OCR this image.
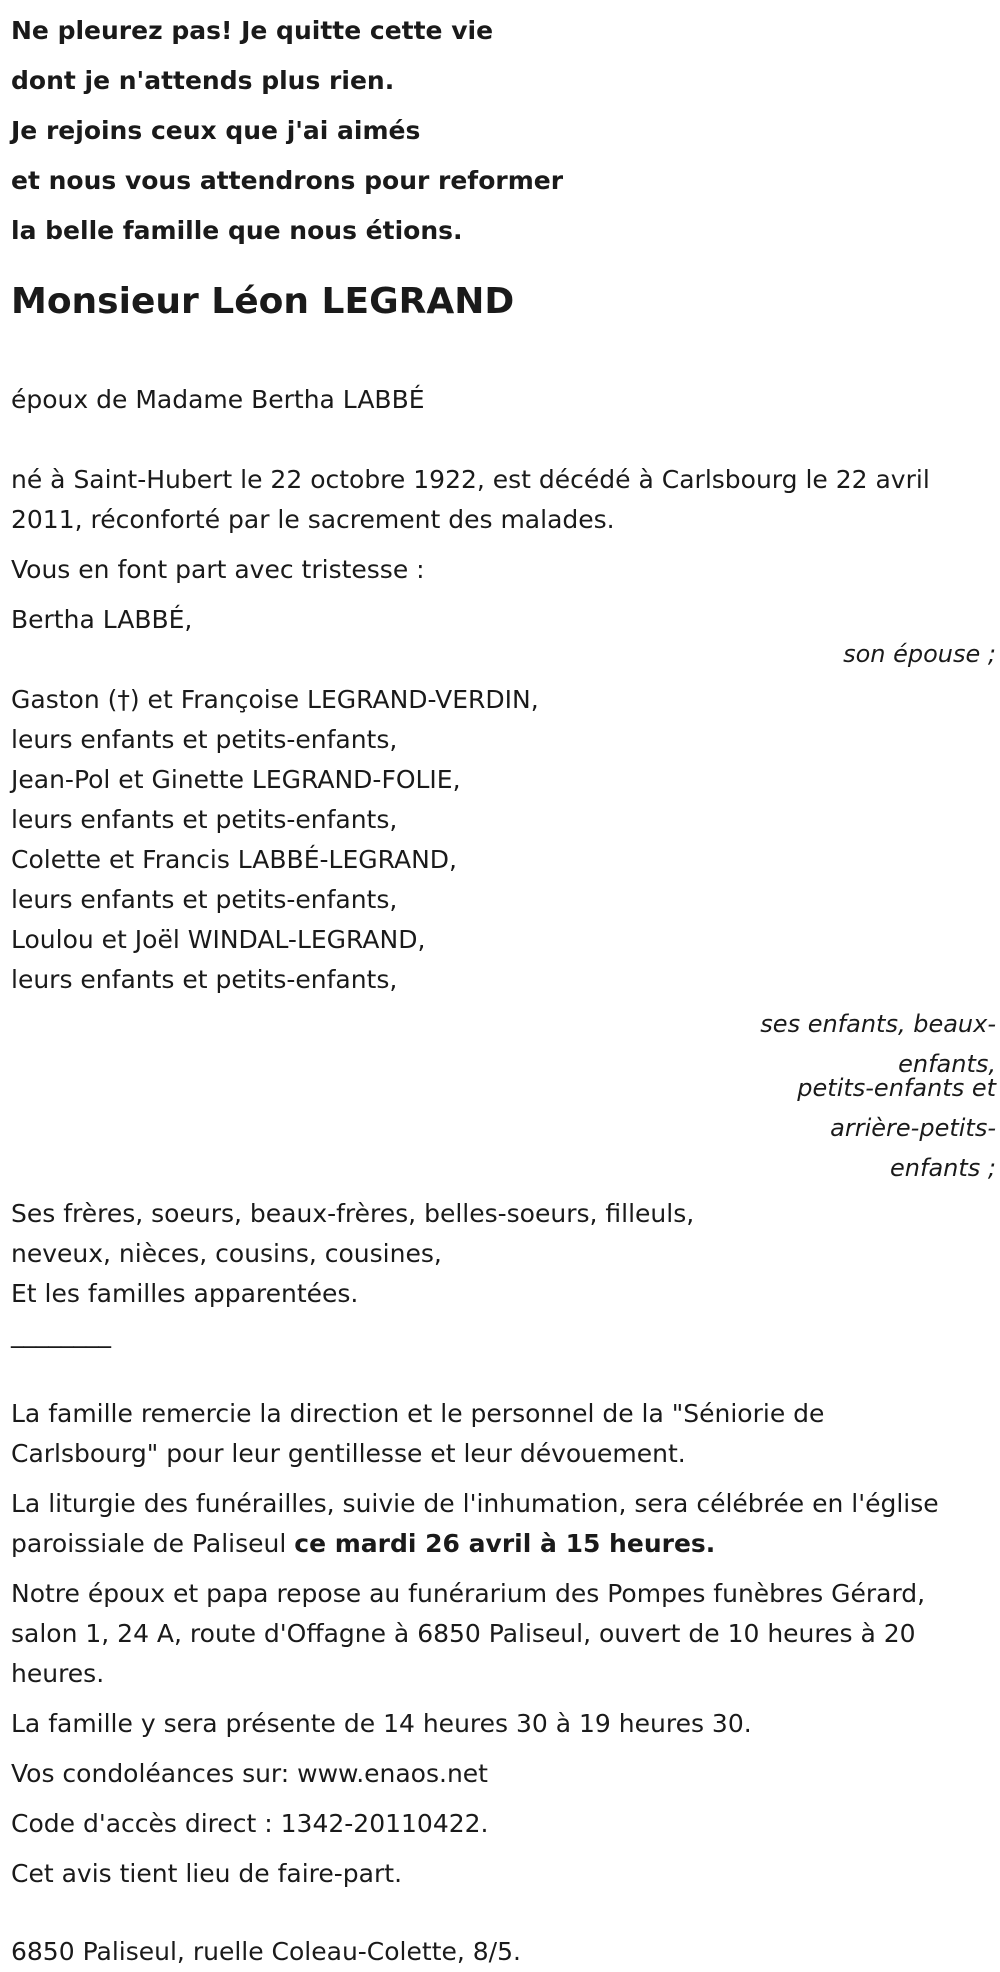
Ne pleurez pas! Je quitte cette vie
dont je n'attends plus rien.
Je rejoins ceux que j'ai aimés
et nous vous attendrons pour reformer
la belle famille que nous étions.
Monsieur Léon LEGRAND
époux de Madame Bertha LABBÉ
né à Saint-Hubert le 22 octobre 1922, est décédé à Carlsbourg le 22 avril
2011, réconforté par le sacrement des malades.
Vous en font part avec tristesse :
Bertha LABBÉ,
son épouse ;
Gaston (†) et Françoise LEGRAND-VERDIN,
leurs enfants et petits-enfants,
Jean-Pol et Ginette LEGRAND-FOLIE,
leurs enfants et petits-enfants,
Colette et Francis LABBÉ-LEGRAND,
leurs enfants et petits-enfants,
Loulou et Joël WINDAL-LEGRAND,
leurs enfants et petits-enfants,
ses enfants, beaux-
enfants,
petits-enfants et
arrière-petits-
enfants ;
Ses frères, soeurs, beaux-frères, belles-soeurs, filleuls,
neveux, nièces, cousins, cousines,
Et les familles apparentées.
________
La famille remercie la direction et le personnel de la "Séniorie de
Carlsbourg" pour leur gentillesse et leur dévouement.
La liturgie des funérailles, suivie de l'inhumation, sera célébrée en l'église
paroissiale de Paliseul ce mardi 26 avril à 15 heures.
Notre époux et papa repose au funérarium des Pompes funèbres Gérard,
salon 1, 24 A, route d'Offagne à 6850 Paliseul, ouvert de 10 heures à 20
heures.
La famille y sera présente de 14 heures 30 à 19 heures 30.
Vos condoléances sur: www.enaos.net
Code d'accès direct : 1342-20110422.
Cet avis tient lieu de faire-part.
6850 Paliseul, ruelle Coleau-Colette, 8/5.
